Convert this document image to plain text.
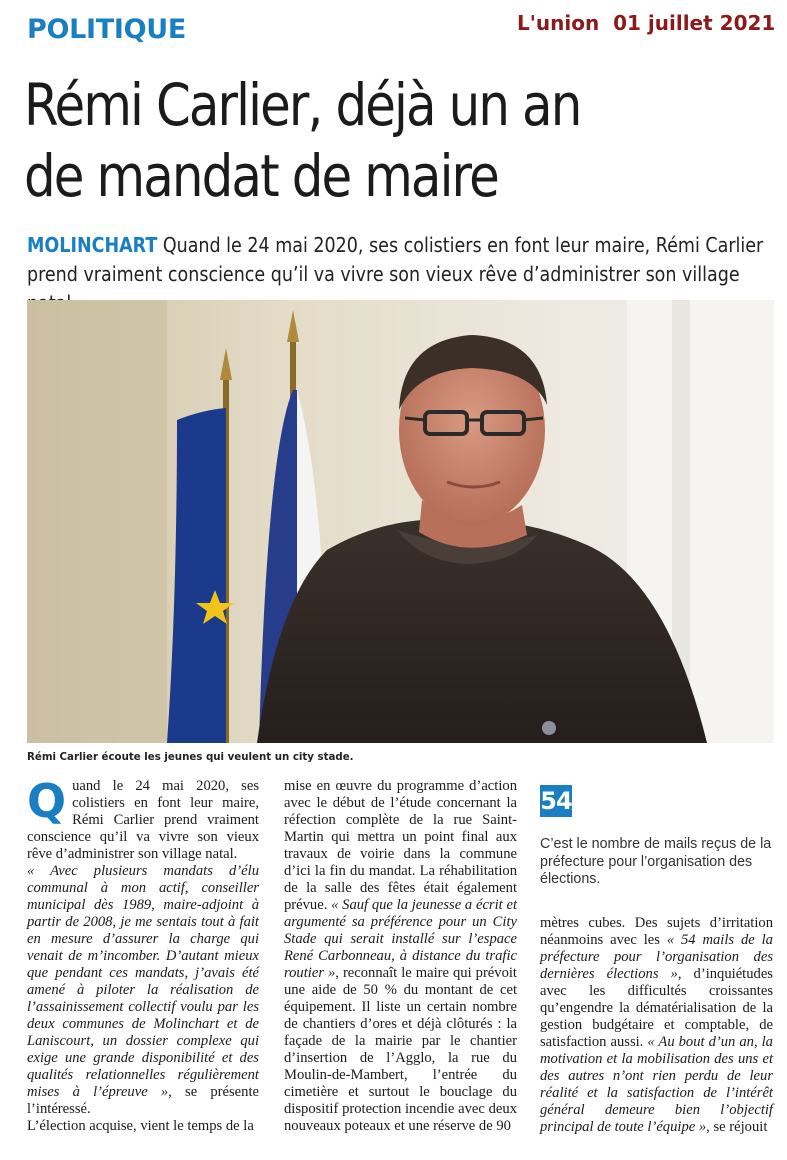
POLITIQUE	L'union  01 juillet 2021
Rémi Carlier, déjà un an
de mandat de maire

MOLINCHART Quand le 24 mai 2020, ses colistiers en font leur maire, Rémi Carlier prend vraiment conscience qu’il va vivre son vieux rêve d’administrer son village

Rémi Carlier écoute les jeunes qui veulent un city stade.

Quand le 24 mai 2020, ses colistiers en font leur maire, Rémi Carlier prend vraiment conscience qu’il va vivre son vieux rêve d’administrer son village natal.

« Avec plusieurs mandats d’élu communal à mon actif, conseiller municipal dès 1989, maire-adjoint à partir de 2008, je me sentais tout à fait en mesure d’assurer la charge qui venait de m’incomber. D’autant mieux que pendant ces mandats, j’avais été amené à piloter la réalisation de l’assainissement collectif voulu par les deux communes de Molinchart et de Laniscourt, un dossier complexe qui exige une grande disponibilité et des qualités relationnelles régulièrement mises à l’épreuve », se présente l’intéressé.

L’élection acquise, vient le temps de la

mise en œuvre du programme d’action avec le début de l’étude concernant la réfection complète de la rue Saint-Martin qui mettra un point final aux travaux de voirie dans la commune d’ici la fin du mandat. La réhabilitation de la salle des fêtes était également prévue. « Sauf que la jeunesse a écrit et argumenté sa préférence pour un City Stade qui serait installé sur l’espace René Carbonneau, à distance du trafic routier », reconnaît le maire qui prévoit une aide de 50 % du montant de cet équipement. Il liste un certain nombre de chantiers d’ores et déjà clôturés : la façade de la mairie par le chantier d’insertion de l’Agglo, la rue du Moulin-de-Mambert, l’entrée du cimetière et surtout le bouclage du dispositif protection incendie avec deux nouveaux poteaux et une réserve de 90

mètres cubes. Des sujets d’irritation néanmoins avec les « 54 mails de la préfecture pour l’organisation des dernières élections », d’inquiétudes avec les difficultés croissantes qu’engendre la dématérialisation de la gestion budgétaire et comptable, de satisfaction aussi. « Au bout d’un an, la motivation et la mobilisation des uns et des autres n’ont rien perdu de leur réalité et la satisfaction de l’intérêt général demeure bien l’objectif principal de toute l’équipe », se réjouit

54
C’est le nombre de mails reçus de la préfecture pour l’organisation des élections.
